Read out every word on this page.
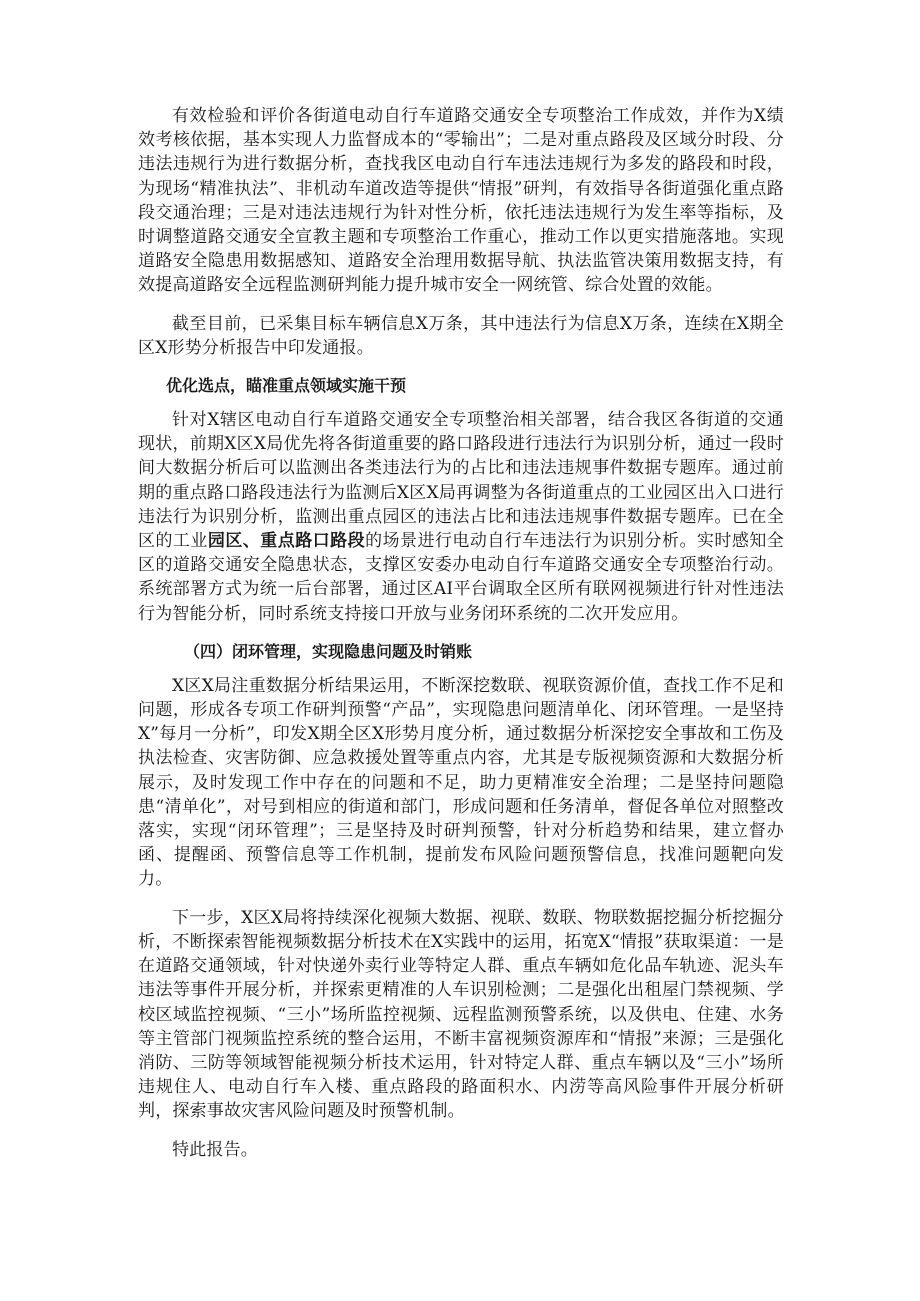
有效检验和评价各街道电动自行车道路交通安全专项整治工作成效，并作为X绩效考核依据，基本实现人力监督成本的“零输出”；二是对重点路段及区域分时段、分违法违规行为进行数据分析，查找我区电动自行车违法违规行为多发的路段和时段，为现场“精准执法”、非机动车道改造等提供“情报”研判，有效指导各街道强化重点路段交通治理；三是对违法违规行为针对性分析，依托违法违规行为发生率等指标，及时调整道路交通安全宣教主题和专项整治工作重心，推动工作以更实措施落地。实现道路安全隐患用数据感知、道路安全治理用数据导航、执法监管决策用数据支持，有效提高道路安全远程监测研判能力提升城市安全一网统管、综合处置的效能。

截至目前，已采集目标车辆信息X万条，其中违法行为信息X万条，连续在X期全区X形势分析报告中印发通报。

优化选点，瞄准重点领域实施干预

针对X辖区电动自行车道路交通安全专项整治相关部署，结合我区各街道的交通现状，前期X区X局优先将各街道重要的路口路段进行违法行为识别分析，通过一段时间大数据分析后可以监测出各类违法行为的占比和违法违规事件数据专题库。通过前期的重点路口路段违法行为监测后X区X局再调整为各街道重点的工业园区出入口进行违法行为识别分析，监测出重点园区的违法占比和违法违规事件数据专题库。已在全区的工业园区、重点路口路段的场景进行电动自行车违法行为识别分析。实时感知全区的道路交通安全隐患状态，支撑区安委办电动自行车道路交通安全专项整治行动。系统部署方式为统一后台部署，通过区AI平台调取全区所有联网视频进行针对性违法行为智能分析，同时系统支持接口开放与业务闭环系统的二次开发应用。

（四）闭环管理，实现隐患问题及时销账

X区X局注重数据分析结果运用，不断深挖数联、视联资源价值，查找工作不足和问题，形成各专项工作研判预警“产品”，实现隐患问题清单化、闭环管理。一是坚持X”每月一分析”，印发X期全区X形势月度分析，通过数据分析深挖安全事故和工伤及执法检查、灾害防御、应急救援处置等重点内容，尤其是专版视频资源和大数据分析展示，及时发现工作中存在的问题和不足，助力更精准安全治理；二是坚持问题隐患“清单化”，对号到相应的街道和部门，形成问题和任务清单，督促各单位对照整改落实，实现“闭环管理”；三是坚持及时研判预警，针对分析趋势和结果，建立督办函、提醒函、预警信息等工作机制，提前发布风险问题预警信息，找准问题靶向发力。

下一步，X区X局将持续深化视频大数据、视联、数联、物联数据挖掘分析挖掘分析，不断探索智能视频数据分析技术在X实践中的运用，拓宽X“情报”获取渠道：一是在道路交通领域，针对快递外卖行业等特定人群、重点车辆如危化品车轨迹、泥头车违法等事件开展分析，并探索更精准的人车识别检测；二是强化出租屋门禁视频、学校区域监控视频、“三小”场所监控视频、远程监测预警系统，以及供电、住建、水务等主管部门视频监控系统的整合运用，不断丰富视频资源库和“情报”来源；三是强化消防、三防等领域智能视频分析技术运用，针对特定人群、重点车辆以及“三小”场所违规住人、电动自行车入楼、重点路段的路面积水、内涝等高风险事件开展分析研判，探索事故灾害风险问题及时预警机制。

特此报告。
